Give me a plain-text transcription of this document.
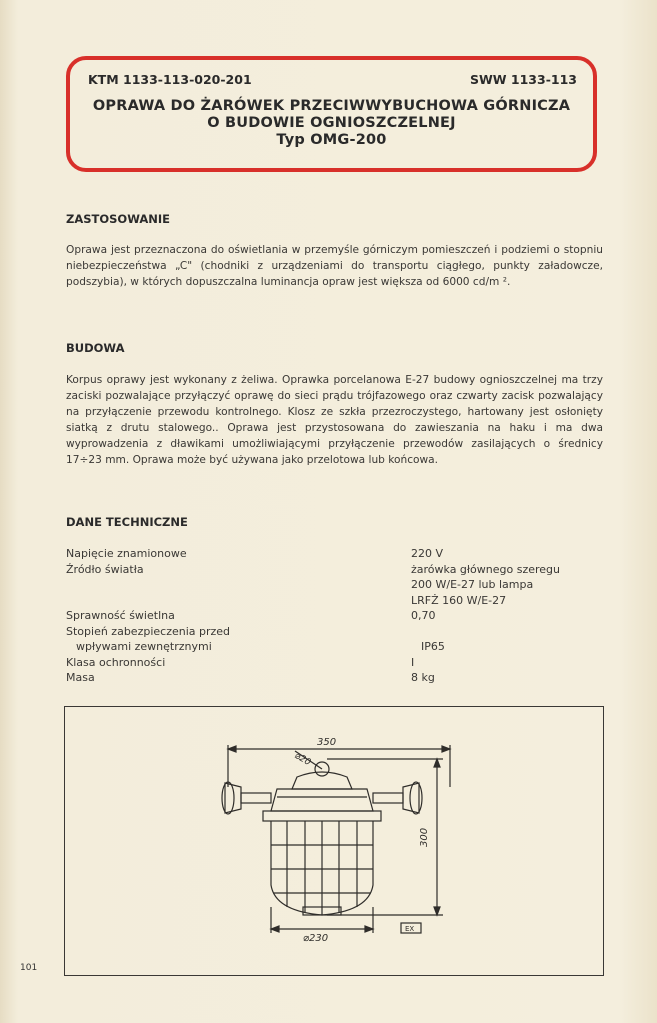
KTM 1133-113-020-201	SWW 1133-113
OPRAWA DO ŻARÓWEK PRZECIWWYBUCHOWA GÓRNICZA
O BUDOWIE OGNIOSZCZELNEJ
Typ OMG-200
ZASTOSOWANIE

Oprawa jest przeznaczona do oświetlania w przemyśle górniczym pomieszczeń i podziemi o stopniu niebezpieczeństwa „C" (chodniki z urządzeniami do transportu ciągłego, punkty załadowcze, podszybia), w których dopuszczalna luminancja opraw jest większa od 6000 cd/m ².

BUDOWA

Korpus oprawy jest wykonany z żeliwa. Oprawka porcelanowa E-27 budowy ognioszczelnej ma trzy zaciski pozwalające przyłączyć oprawę do sieci prądu trójfazowego oraz czwarty zacisk pozwalający na przyłączenie przewodu kontrolnego. Klosz ze szkła przezroczystego, hartowany jest osłonięty siatką z drutu stalowego.. Oprawa jest przystosowana do zawieszania na haku i ma dwa wyprowadzenia z dławikami umożliwiającymi przyłączenie przewodów zasilających o średnicy 17÷23 mm. Oprawa może być używana jako przelotowa lub końcowa.

DANE TECHNICZNE
Napięcie znamionowe	220 V
Źródło światła	żarówka głównego szeregu
200 W/E-27 lub lampa
LRFŻ 160 W/E-27
Sprawność świetlna	0,70
Stopień zabezpieczenia przed
wpływami zewnętrznymi	IP65
Klasa ochronności	I
Masa	8 kg
350
⌀20
300
⌀230
EX
101
